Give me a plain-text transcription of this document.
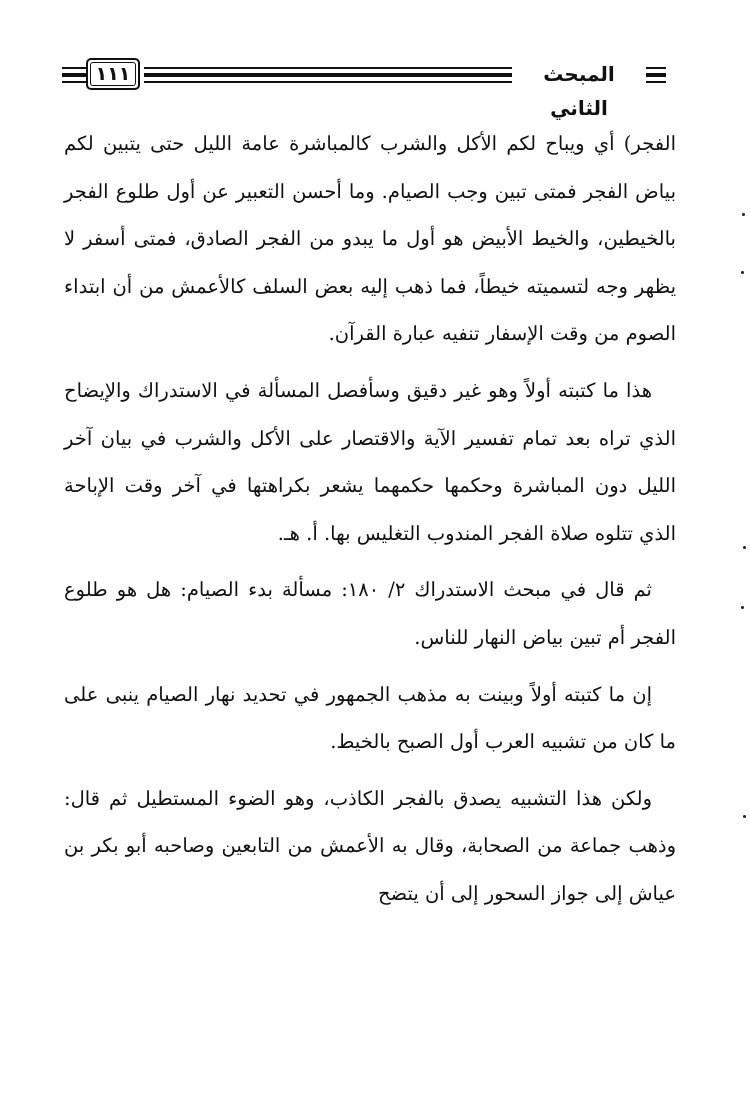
١١١	المبحث الثاني

الفجر) أي ويباح لكم الأكل والشرب كالمباشرة عامة الليل حتى يتبين لكم بياض الفجر فمتى تبين وجب الصيام. وما أحسن التعبير عن أول طلوع الفجر بالخيطين، والخيط الأبيض هو أول ما يبدو من الفجر الصادق، فمتى أسفر لا يظهر وجه لتسميته خيطاً، فما ذهب إليه بعض السلف كالأعمش من أن ابتداء الصوم من وقت الإسفار تنفيه عبارة القرآن.

هذا ما كتبته أولاً وهو غير دقيق وسأفصل المسألة في الاستدراك والإيضاح الذي تراه بعد تمام تفسير الآية والاقتصار على الأكل والشرب في بيان آخر الليل دون المباشرة وحكمها حكمهما يشعر بكراهتها في آخر وقت الإباحة الذي تتلوه صلاة الفجر المندوب التغليس بها. أ. هـ.

ثم قال في مبحث الاستدراك ٢/ ١٨٠: مسألة بدء الصيام: هل هو طلوع الفجر أم تبين بياض النهار للناس.

إن ما كتبته أولاً وبينت به مذهب الجمهور في تحديد نهار الصيام ينبى على ما كان من تشبيه العرب أول الصبح بالخيط.

ولكن هذا التشبيه يصدق بالفجر الكاذب، وهو الضوء المستطيل ثم قال: وذهب جماعة من الصحابة، وقال به الأعمش من التابعين وصاحبه أبو بكر بن عياش إلى جواز السحور إلى أن يتضح
